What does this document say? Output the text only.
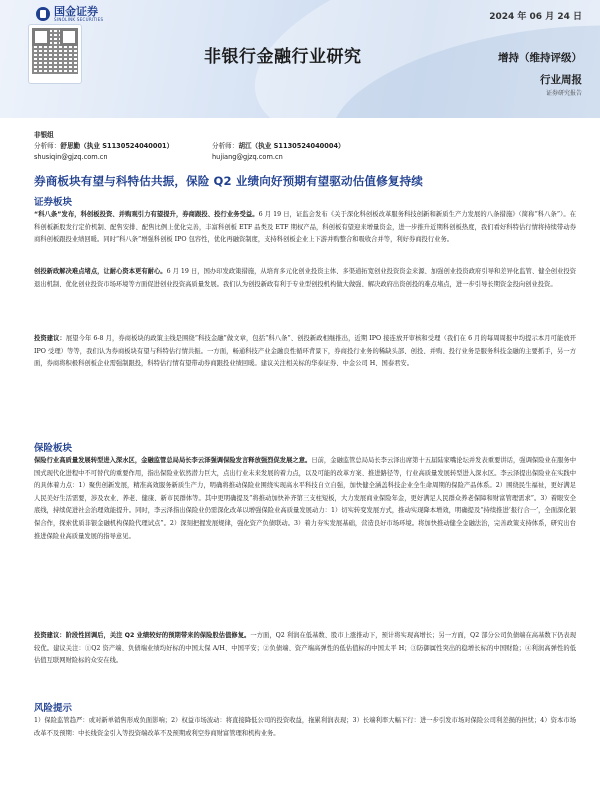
国金证券
SINOLINK SECURITIES	2024 年 06 月 24 日
非银行金融行业研究	增持（维持评级）
行业周报
证券研究报告
非银组
分析师：舒思勤（执业 S1130524040001）	分析师：胡江（执业 S1130524040004）
shusiqin@gjzq.com.cn	hujiang@gjzq.com.cn
券商板块有望与科特估共振，保险 Q2 业绩向好预期有望驱动估值修复持续
证券板块
“科八条”发布，科创板投资、并购观引力有望提升，券商跟投、投行业务受益。6 月 19 日，证监会发布《关于深化科创板改革服务科技创新和新质生产力发展的八条措施》（简称“科八条”）。在科创板新股发行定价机制、配售安排、配售比例上优化完善，丰富科创板 ETF 品类及 ETF 期权产品，科创板有望迎来增量资金，进一步推升近期科创板热度，我们看好科特估行情将持续带动券商科创板跟投业绩回暖。同时“科八条”增强科创板 IPO 包容性，优化再融资制度，支持科创板企业上下游并购整合和吸收合并等，利好券商投行业务。
创投新政解决难点堵点，让耐心资本更有耐心。6 月 19 日，国办印发政策措施，从培育多元化创业投资主体、多渠道拓宽创业投资资金来源、加强创业投资政府引导和差异化监管、健全创业投资退出机制、优化创业投资市场环境等方面促进创业投资高质量发展。我们认为创投新政有利于专业型创投机构做大做强、解决政府出资创投的难点堵点，进一步引导长期资金投向创业投资。
投资建议：展望今年 6-8 月，券商板块的政策主线是围绕“科技金融”做文章，包括“科八条”、创投新政相继推出，近期 IPO 接连放开审核和受理（我们在 6 月的每周周报中均提示本月可能放开 IPO 受理）等等，我们认为券商板块有望与科特估行情共振。一方面，畅通科技产业金融良性循环背景下，券商投行业务的稀缺头部、创投、并购、投行业务是服务科技金融的主要抓手，另一方面，券商将积极科创板企业需强制跟投，科特估行情有望带动券商跟投业绩回暖。建议关注相关标的华泰证券、中金公司 H、国泰君安。
保险板块
保险行业高质量发展转型进入深水区，金融监管总局局长李云泽强调保险发言释放强烈促发展之意。日前，金融监管总局局长李云泽出席第十五届陆家嘴论坛并发表重要讲话，强调保险业在服务中国式现代化进程中不可替代的重要作用，指出保险业依然潜力巨大，点出行业未来发展的着力点，以及可能的改革方案、推进路径等，行业高质量发展转型进入深水区。李云泽提出保险业在实践中的具体着力点：1）聚焦创新发展，精准高效服务新质生产力，明确将推动保险业围绕实现高水平科技自立自强，加快健全涵盖科技企业全生命周期的保险产品体系。2）围绕民生福祉，更好满足人民美好生活需要，涉及农业、养老、健康、新市民群体等。其中更明确提及“将推动加快补齐第三支柱短板，大力发展商业保险年金，更好满足人民群众养老保障和财富管理需求”。3）着眼安全底线，持续促进社会治理效能提升。同时，李云泽指出保险业仍需深化改革以增强保险业高质量发展动力：1）切实转变发展方式，推动实现降本增效，明确提及“持续推进‘报行合一’，全面深化银保合作，探索优质非银金融机构保险代理试点”。2）深刻把握发展规律，强化资产负债联动。3）着力夯实发展基础，营造良好市场环境。将加快推动健全金融法治，完善政策支持体系，研究出台推进保险业高质量发展的指导意见。
投资建议：阶段性回调后，关注 Q2 业绩较好的预期带来的保险股估值修复。一方面，Q2 利润在低基数、股市上涨推动下，预计将实现高增长；另一方面，Q2 部分公司负债端在高基数下仍表现较优。建议关注：①Q2 资产端、负债端业绩均好标的中国太保 A/H、中国平安；②负债端、资产端高弹性的低估值标的中国太平 H；③防御属性突出的稳增长标的中国财险；④利润高弹性的低估值互联网财险标的众安在线。
风险提示
1）保险监管趋严：或对新单销售形成负面影响；2）权益市场波动：将直接降低公司的投资收益，拖累利润表现；3）长端利率大幅下行：进一步引发市场对保险公司利差损的担忧；4）资本市场改革不及预期：中长线资金引入等投资端改革不及预期或利空券商财富管理和机构业务。
